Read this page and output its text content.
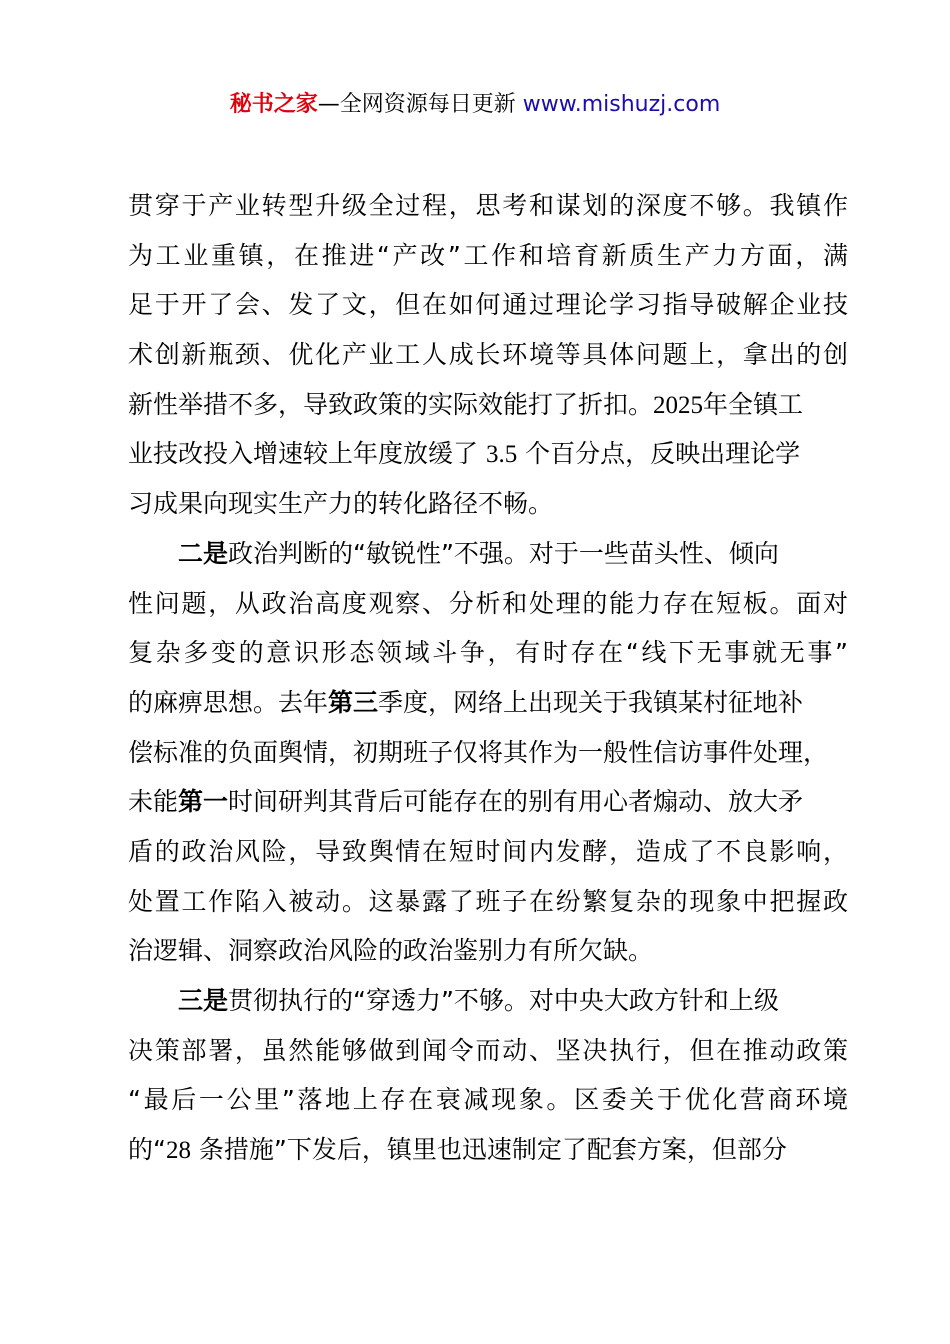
秘书之家—全网资源每日更新 www.mishuzj.com
贯穿于产业转型升级全过程，思考和谋划的深度不够。我镇作
为工业重镇，在推进“产改”工作和培育新质生产力方面，满
足于开了会、发了文，但在如何通过理论学习指导破解企业技
术创新瓶颈、优化产业工人成长环境等具体问题上，拿出的创
新性举措不多，导致政策的实际效能打了折扣。2025年全镇工
业技改投入增速较上年度放缓了 3.5 个百分点，反映出理论学
习成果向现实生产力的转化路径不畅。
二是政治判断的“敏锐性”不强。对于一些苗头性、倾向
性问题，从政治高度观察、分析和处理的能力存在短板。面对
复杂多变的意识形态领域斗争，有时存在“线下无事就无事”
的麻痹思想。去年第三季度，网络上出现关于我镇某村征地补
偿标准的负面舆情，初期班子仅将其作为一般性信访事件处理，
未能第一时间研判其背后可能存在的别有用心者煽动、放大矛
盾的政治风险，导致舆情在短时间内发酵，造成了不良影响，
处置工作陷入被动。这暴露了班子在纷繁复杂的现象中把握政
治逻辑、洞察政治风险的政治鉴别力有所欠缺。
三是贯彻执行的“穿透力”不够。对中央大政方针和上级
决策部署，虽然能够做到闻令而动、坚决执行，但在推动政策
“最后一公里”落地上存在衰减现象。区委关于优化营商环境
的“28 条措施”下发后，镇里也迅速制定了配套方案，但部分
